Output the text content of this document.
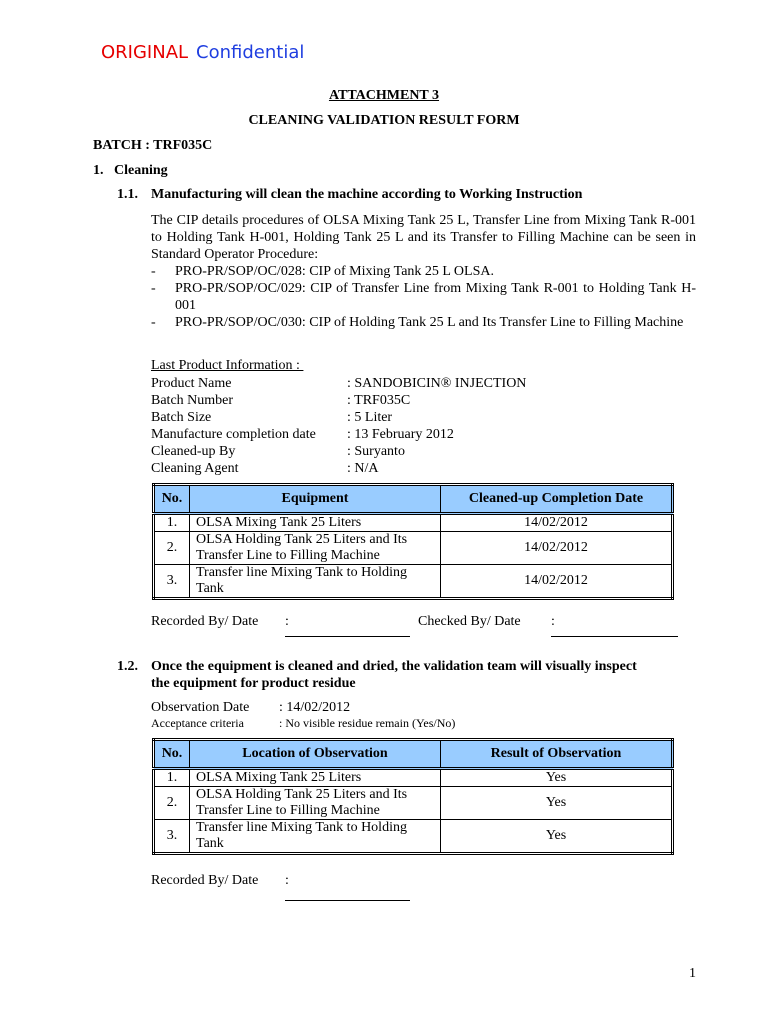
ORIGINAL Confidential
ATTACHMENT 3
CLEANING VALIDATION RESULT FORM
BATCH : TRF035C
1.   Cleaning
1.1. Manufacturing will clean the machine according to Working Instruction
The CIP details procedures of OLSA Mixing Tank 25 L, Transfer Line from Mixing Tank R-001 to Holding Tank H-001, Holding Tank 25 L and its Transfer to Filling Machine can be seen in Standard Operator Procedure:
- PRO-PR/SOP/OC/028: CIP of Mixing Tank 25 L OLSA.
- PRO-PR/SOP/OC/029: CIP of Transfer Line from Mixing Tank R-001 to Holding Tank H-001
- PRO-PR/SOP/OC/030: CIP of Holding Tank 25 L and Its Transfer Line to Filling Machine
Last Product Information :
Product Name	: SANDOBICIN® INJECTION
Batch Number	: TRF035C
Batch Size	: 5 Liter
Manufacture completion date : 13 February 2012
Cleaned-up By	: Suryanto
Cleaning Agent	: N/A
No.	Equipment	Cleaned-up Completion Date
1.	OLSA Mixing Tank 25 Liters	14/02/2012
2.	OLSA Holding Tank 25 Liters and Its Transfer Line to Filling Machine	14/02/2012
3.	Transfer line Mixing Tank to Holding Tank	14/02/2012
Recorded By/ Date :	Checked By/ Date :
1.2. Once the equipment is cleaned and dried, the validation team will visually inspect
the equipment for product residue
Observation Date : 14/02/2012
Acceptance criteria	: No visible residue remain (Yes/No)
No.	Location of Observation	Result of Observation
1.	OLSA Mixing Tank 25 Liters	Yes
2.	OLSA Holding Tank 25 Liters and Its Transfer Line to Filling Machine	Yes
3.	Transfer line Mixing Tank to Holding Tank	Yes
Recorded By/ Date :
1
